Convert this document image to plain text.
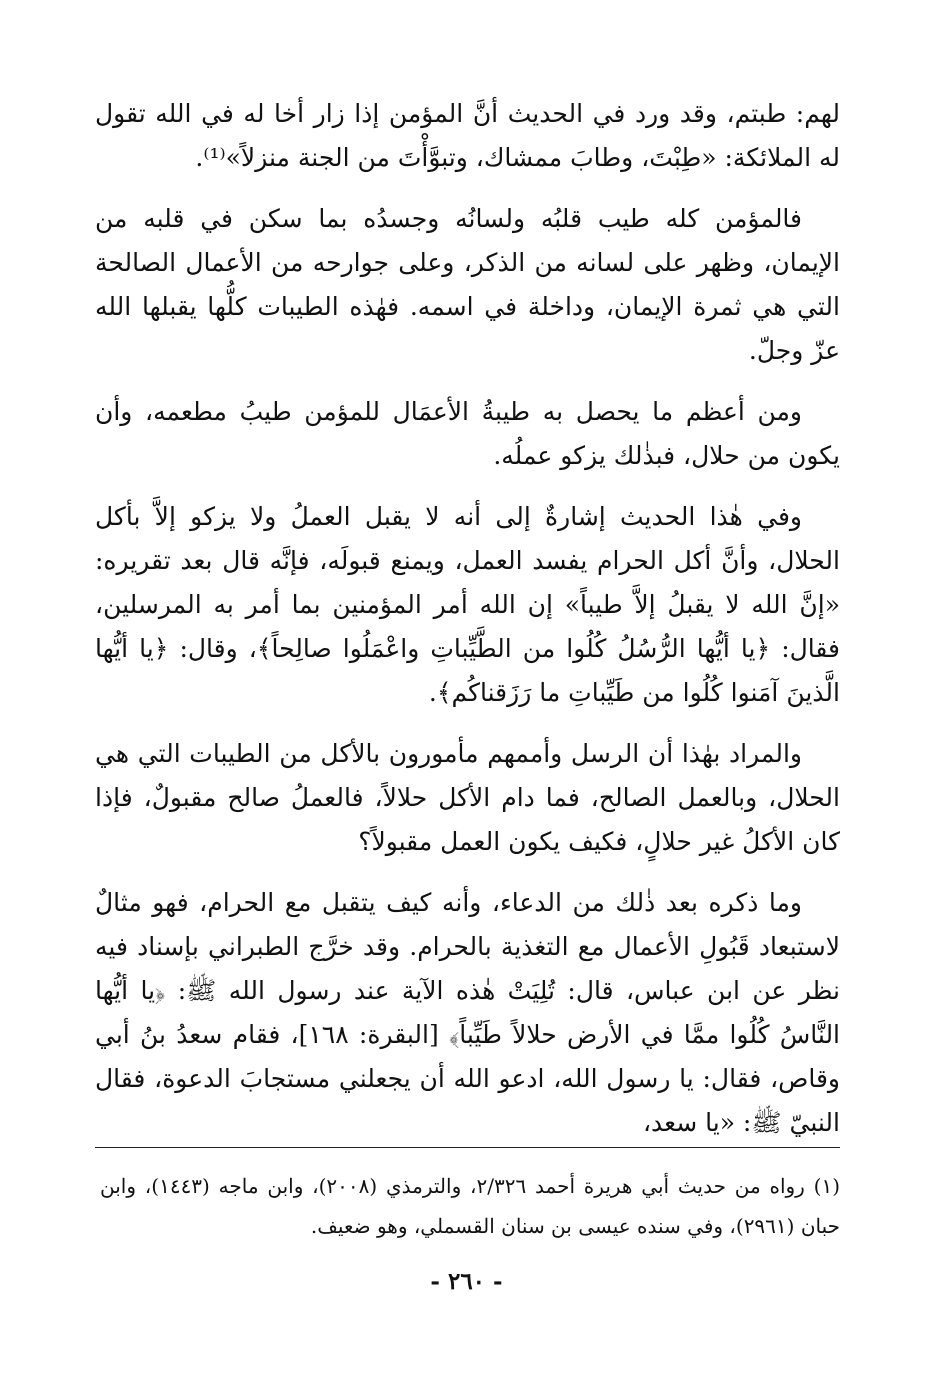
لهم: طبتم، وقد ورد في الحديث أنَّ المؤمن إذا زار أخا له في الله تقول له الملائكة: «طِبْتَ، وطابَ ممشاك، وتبوَّأْتَ من الجنة منزلاً»⁽¹⁾.

فالمؤمن كله طيب قلبُه ولسانُه وجسدُه بما سكن في قلبه من الإيمان، وظهر على لسانه من الذكر، وعلى جوارحه من الأعمال الصالحة التي هي ثمرة الإيمان، وداخلة في اسمه. فهٰذه الطيبات كلُّها يقبلها الله عزّ وجلّ.

ومن أعظم ما يحصل به طيبةُ الأعمَال للمؤمن طيبُ مطعمه، وأن يكون من حلال، فبذٰلك يزكو عملُه.

وفي هٰذا الحديث إشارةٌ إلى أنه لا يقبل العملُ ولا يزكو إلاَّ بأكل الحلال، وأنَّ أكل الحرام يفسد العمل، ويمنع قبولَه، فإنَّه قال بعد تقريره: «إنَّ الله لا يقبلُ إلاَّ طيباً» إن الله أمر المؤمنين بما أمر به المرسلين، فقال: ﴿يا أيُّها الرُّسُلُ كُلُوا من الطَّيِّباتِ واعْمَلُوا صالِحاً﴾، وقال: ﴿يا أيُّها الَّذينَ آمَنوا كُلُوا من طَيِّباتِ ما رَزَقناكُم﴾.

والمراد بهٰذا أن الرسل وأممهم مأمورون بالأكل من الطيبات التي هي الحلال، وبالعمل الصالح، فما دام الأكل حلالاً، فالعملُ صالح مقبولٌ، فإذا كان الأكلُ غير حلالٍ، فكيف يكون العمل مقبولاً؟

وما ذكره بعد ذٰلك من الدعاء، وأنه كيف يتقبل مع الحرام، فهو مثالٌ لاستبعاد قَبُولِ الأعمال مع التغذية بالحرام. وقد خرَّج الطبراني بإسناد فيه نظر عن ابن عباس، قال: تُلِيَتْ هٰذه الآية عند رسول الله ﷺ: ﴿يا أيُّها النَّاسُ كُلُوا ممَّا في الأرض حلالاً طَيِّباً﴾ [البقرة: ١٦٨]، فقام سعدُ بنُ أبي وقاص، فقال: يا رسول الله، ادعو الله أن يجعلني مستجابَ الدعوة، فقال النبيّ ﷺ: «يا سعد،

(١) رواه من حديث أبي هريرة أحمد ٢/٣٢٦، والترمذي (٢٠٠٨)، وابن ماجه (١٤٤٣)، وابن حبان (٢٩٦١)، وفي سنده عيسى بن سنان القسملي، وهو ضعيف.

- ٢٦٠ -
